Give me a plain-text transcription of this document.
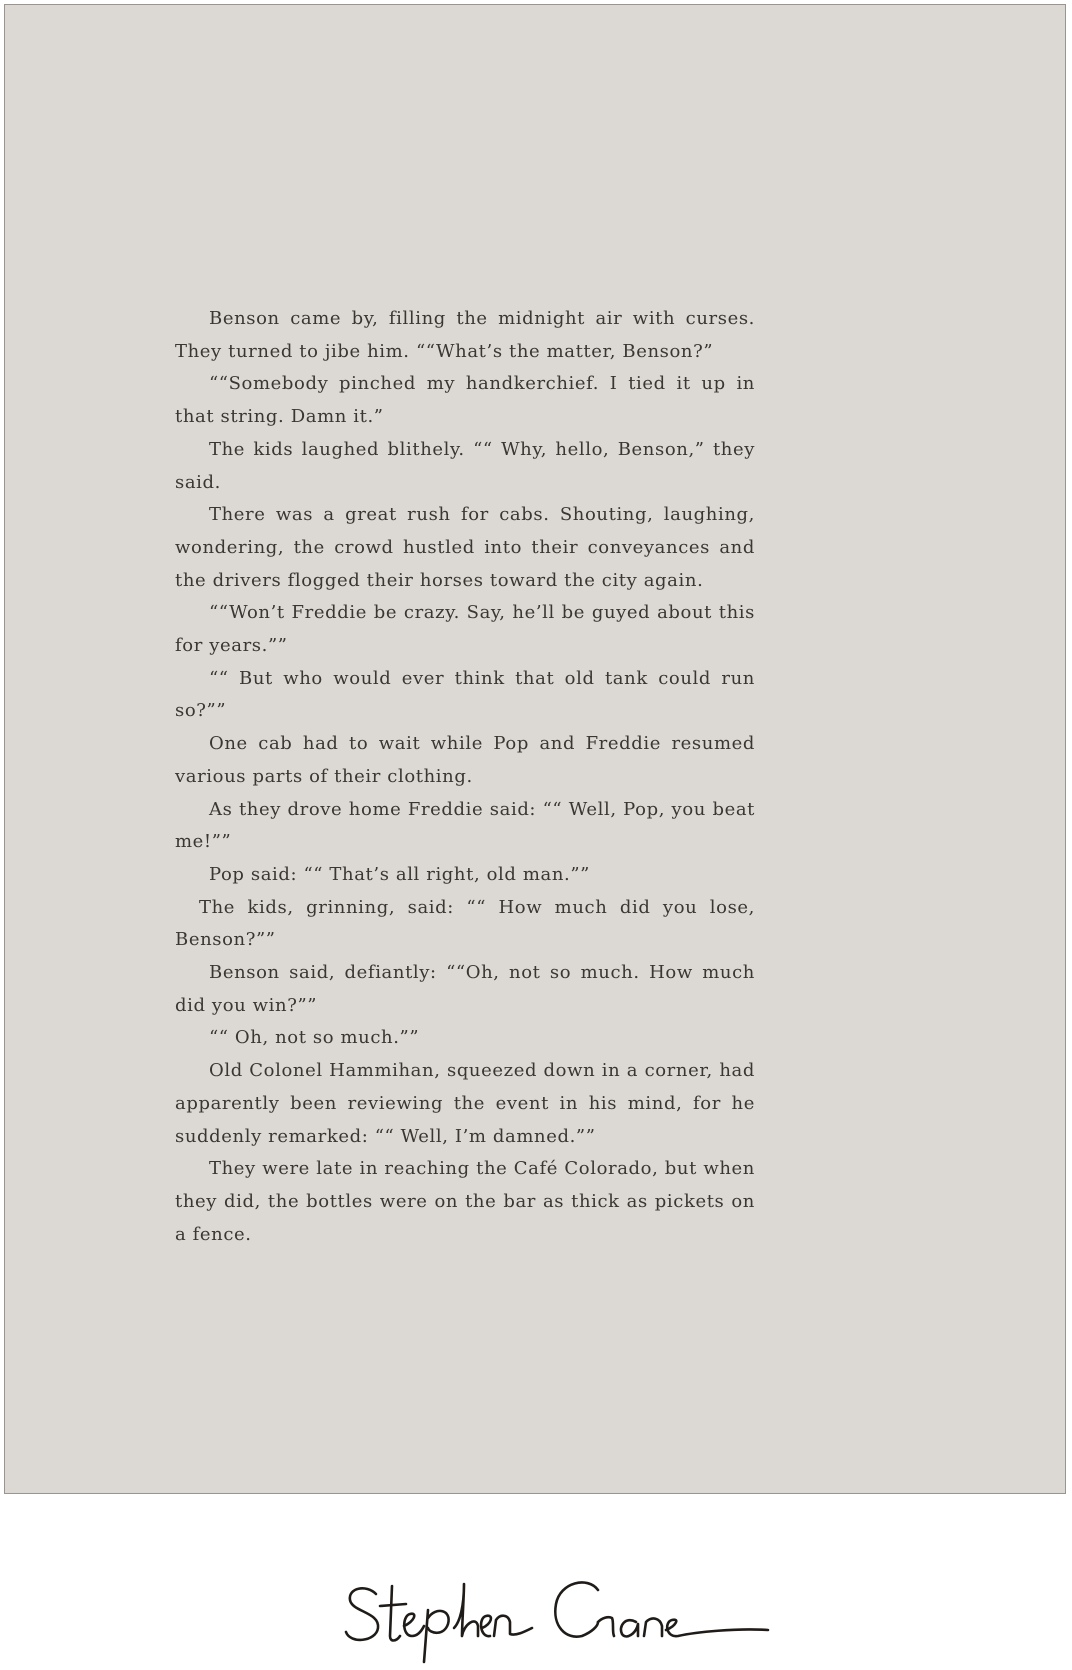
Benson came by, filling the midnight air with curses. They turned to jibe him. ““What’s the matter, Benson?”

““Somebody pinched my handkerchief. I tied it up in that string. Damn it.”

The kids laughed blithely. ““ Why, hello, Benson,” they said.

There was a great rush for cabs. Shouting, laughing, wondering, the crowd hustled into their conveyances and the drivers flogged their horses toward the city again.

““Won’t Freddie be crazy. Say, he’ll be guyed about this for years.””

““ But who would ever think that old tank could run so?””

One cab had to wait while Pop and Freddie resumed various parts of their clothing.

As they drove home Freddie said: ““ Well, Pop, you beat me!””

Pop said: ““ That’s all right, old man.””

The kids, grinning, said: ““ How much did you lose, Benson?””

Benson said, defiantly: ““Oh, not so much. How much did you win?””

““ Oh, not so much.””

Old Colonel Hammihan, squeezed down in a corner, had apparently been reviewing the event in his mind, for he suddenly remarked: ““ Well, I’m damned.””

They were late in reaching the Café Colorado, but when they did, the bottles were on the bar as thick as pickets on a fence.
